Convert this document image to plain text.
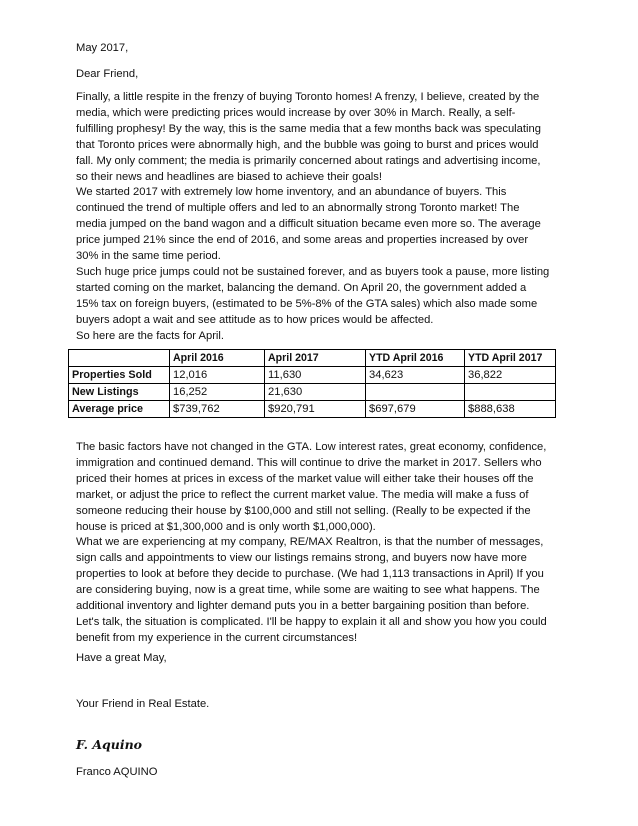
May 2017,

Dear Friend,

Finally, a little respite in the frenzy of buying Toronto homes! A frenzy, I believe, created by the
media, which were predicting prices would increase by over 30% in March. Really, a self-
fulfilling prophesy! By the way, this is the same media that a few months back was speculating
that Toronto prices were abnormally high, and the bubble was going to burst and prices would
fall. My only comment; the media is primarily concerned about ratings and advertising income,
so their news and headlines are biased to achieve their goals!
We started 2017 with extremely low home inventory, and an abundance of buyers. This
continued the trend of multiple offers and led to an abnormally strong Toronto market! The
media jumped on the band wagon and a difficult situation became even more so. The average
price jumped 21% since the end of 2016, and some areas and properties increased by over
30% in the same time period.
Such huge price jumps could not be sustained forever, and as buyers took a pause, more listing
started coming on the market, balancing the demand. On April 20, the government added a
15% tax on foreign buyers, (estimated to be 5%-8% of the GTA sales) which also made some
buyers adopt a wait and see attitude as to how prices would be affected.

So here are the facts for April.

	April 2016	April 2017	YTD April 2016	YTD April 2017
Properties Sold	12,016	11,630	34,623	36,822
New Listings	16,252	21,630		
Average price	$739,762	$920,791	$697,679	$888,638
The basic factors have not changed in the GTA. Low interest rates, great economy, confidence,
immigration and continued demand. This will continue to drive the market in 2017. Sellers who
priced their homes at prices in excess of the market value will either take their houses off the
market, or adjust the price to reflect the current market value. The media will make a fuss of
someone reducing their house by $100,000 and still not selling. (Really to be expected if the
house is priced at $1,300,000 and is only worth $1,000,000).
What we are experiencing at my company, RE/MAX Realtron, is that the number of messages,
sign calls and appointments to view our listings remains strong, and buyers now have more
properties to look at before they decide to purchase. (We had 1,113 transactions in April) If you
are considering buying, now is a great time, while some are waiting to see what happens. The
additional inventory and lighter demand puts you in a better bargaining position than before.
Let's talk, the situation is complicated. I'll be happy to explain it all and show you how you could
benefit from my experience in the current circumstances!

Have a great May,

Your Friend in Real Estate.

F. Aquino

Franco AQUINO
